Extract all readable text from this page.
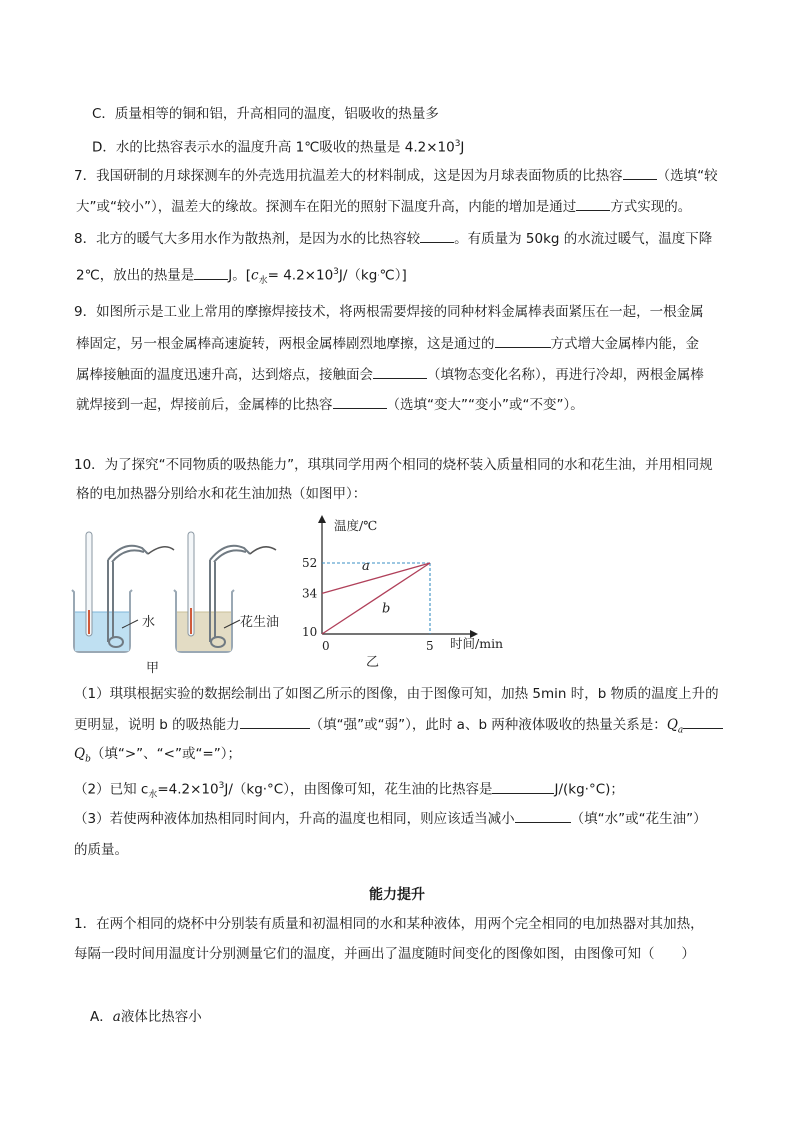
C．质量相等的铜和铝，升高相同的温度，铝吸收的热量多
D．水的比热容表示水的温度升高 1℃吸收的热量是 $4.2\times 10^3J$
7．我国研制的月球探测车的外壳选用抗温差大的材料制成，这是因为月球表面物质的比热容	（选填“较
大”或“较小”），温差大的缘故。探测车在阳光的照射下温度升高，内能的增加是通过	方式实现的。
8．北方的暖气大多用水作为散热剂，是因为水的比热容较	。有质量为 50kg 的水流过暖气，温度下降
2℃，放出的热量是	J。[$c_水=$ $4.2\times 10^3J/(kg\cdot℃)$]
9．如图所示是工业上常用的摩擦焊接技术，将两根需要焊接的同种材料金属棒表面紧压在一起，一根金属
棒固定，另一根金属棒高速旋转，两根金属棒剧烈地摩擦，这是通过的	方式增大金属棒内能，金
属棒接触面的温度迅速升高，达到熔点，接触面会	（填物态变化名称），再进行冷却，两根金属棒
就焊接到一起，焊接前后，金属棒的比热容	（选填“变大”“变小”或“不变”）。
10．为了探究“不同物质的吸热能力”，琪琪同学用两个相同的烧杯装入质量相同的水和花生油，并用相同规
格的电加热器分别给水和花生油加热（如图甲）：
水	花生油
甲
温度/℃
时间/min
0
a
b
52
34
10
5
乙
（1）琪琪根据实验的数据绘制出了如图乙所示的图像，由于图像可知，加热 5min 时，b 物质的温度上升的
更明显，说明 b 的吸热能力	（填“强”或“弱”），此时 a、b 两种液体吸收的热量关系是：$Q_a$
$Q_b$（填“>”、“<”或“=”）；
（2）已知 $c_水=4.2\times 10^3J/(kg\cdot^\circ C)$，由图像可知，花生油的比热容是	J/(kg·°C)；
（3）若使两种液体加热相同时间内，升高的温度也相同，则应该适当减小	（填“水”或“花生油”）
的质量。
能力提升
1．在两个相同的烧杯中分别装有质量和初温相同的水和某种液体，用两个完全相同的电加热器对其加热，
每隔一段时间用温度计分别测量它们的温度，并画出了温度随时间变化的图像如图，由图像可知（　　）
A．a液体比热容小
